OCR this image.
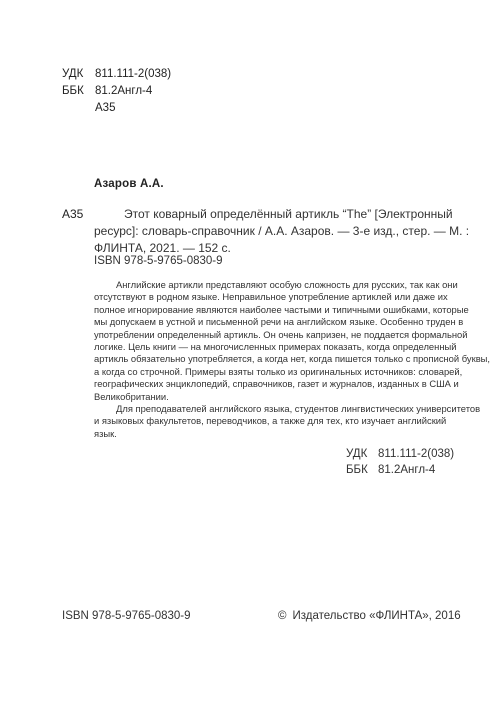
УДК 811.111-2(038)
ББК 81.2Англ-4
А35
Азаров А.А.
А35	Этот коварный определённый артикль “The” [Электронный
ресурс]: словарь-справочник / А.А. Азаров. — 3-е изд., стер. — М. :
ФЛИНТА, 2021. — 152 с.
ISBN 978-5-9765-0830-9
Английские артикли представляют особую сложность для русских, так как они
отсутствуют в родном языке. Неправильное употребление артиклей или даже их
полное игнорирование являются наиболее частыми и типичными ошибками, которые
мы допускаем в устной и письменной речи на английском языке. Особенно труден в
употреблении определенный артикль. Он очень капризен, не поддается формальной
логике. Цель книги — на многочисленных примерах показать, когда определенный
артикль обязательно употребляется, а когда нет, когда пишется только с прописной буквы,
а когда со строчной. Примеры взяты только из оригинальных источников: словарей,
географических энциклопедий, справочников, газет и журналов, изданных в США и
Великобритании.
Для преподавателей английского языка, студентов лингвистических университетов
и языковых факультетов, переводчиков, а также для тех, кто изучает английский
язык.
УДК 811.111-2(038)
ББК 81.2Англ-4
ISBN 978-5-9765-0830-9	© Издательство «ФЛИНТА», 2016
